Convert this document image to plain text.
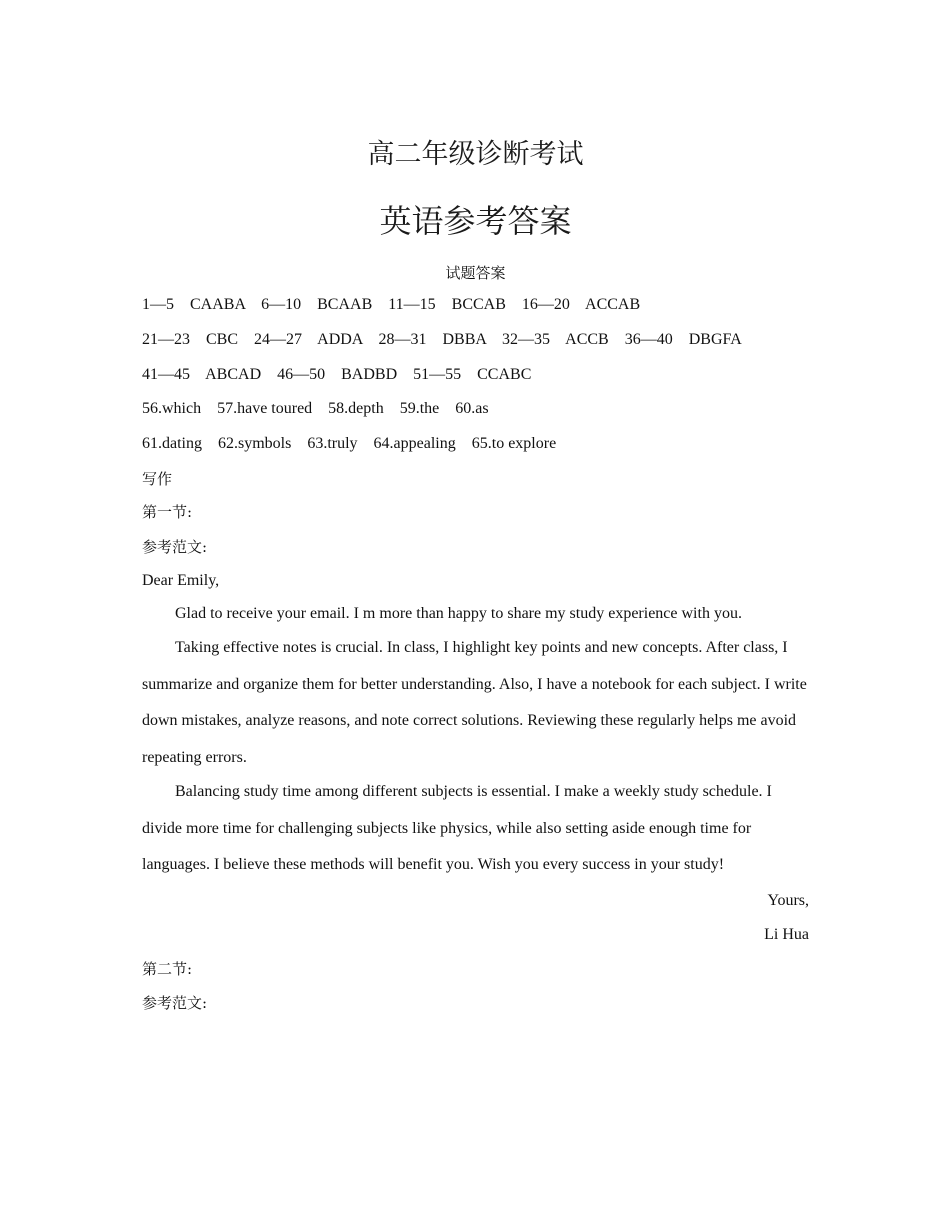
高二年级诊断考试
英语参考答案
试题答案
1—5    CAABA    6—10    BCAAB    11—15    BCCAB    16—20    ACCAB
21—23    CBC    24—27    ADDA    28—31    DBBA    32—35    ACCB    36—40    DBGFA
41—45    ABCAD    46—50    BADBD    51—55    CCABC
56.which    57.have toured    58.depth    59.the    60.as
61.dating    62.symbols    63.truly    64.appealing    65.to explore
写作
第一节:
参考范文:
Dear Emily,
Glad to receive your email. I m more than happy to share my study experience with you.
Taking effective notes is crucial. In class, I highlight key points and new concepts. After class, I summarize and organize them for better understanding. Also, I have a notebook for each subject. I write down mistakes, analyze reasons, and note correct solutions. Reviewing these regularly helps me avoid repeating errors.
Balancing study time among different subjects is essential. I make a weekly study schedule. I divide more time for challenging subjects like physics, while also setting aside enough time for languages. I believe these methods will benefit you. Wish you every success in your study!
Yours,
Li Hua
第二节:
参考范文:
